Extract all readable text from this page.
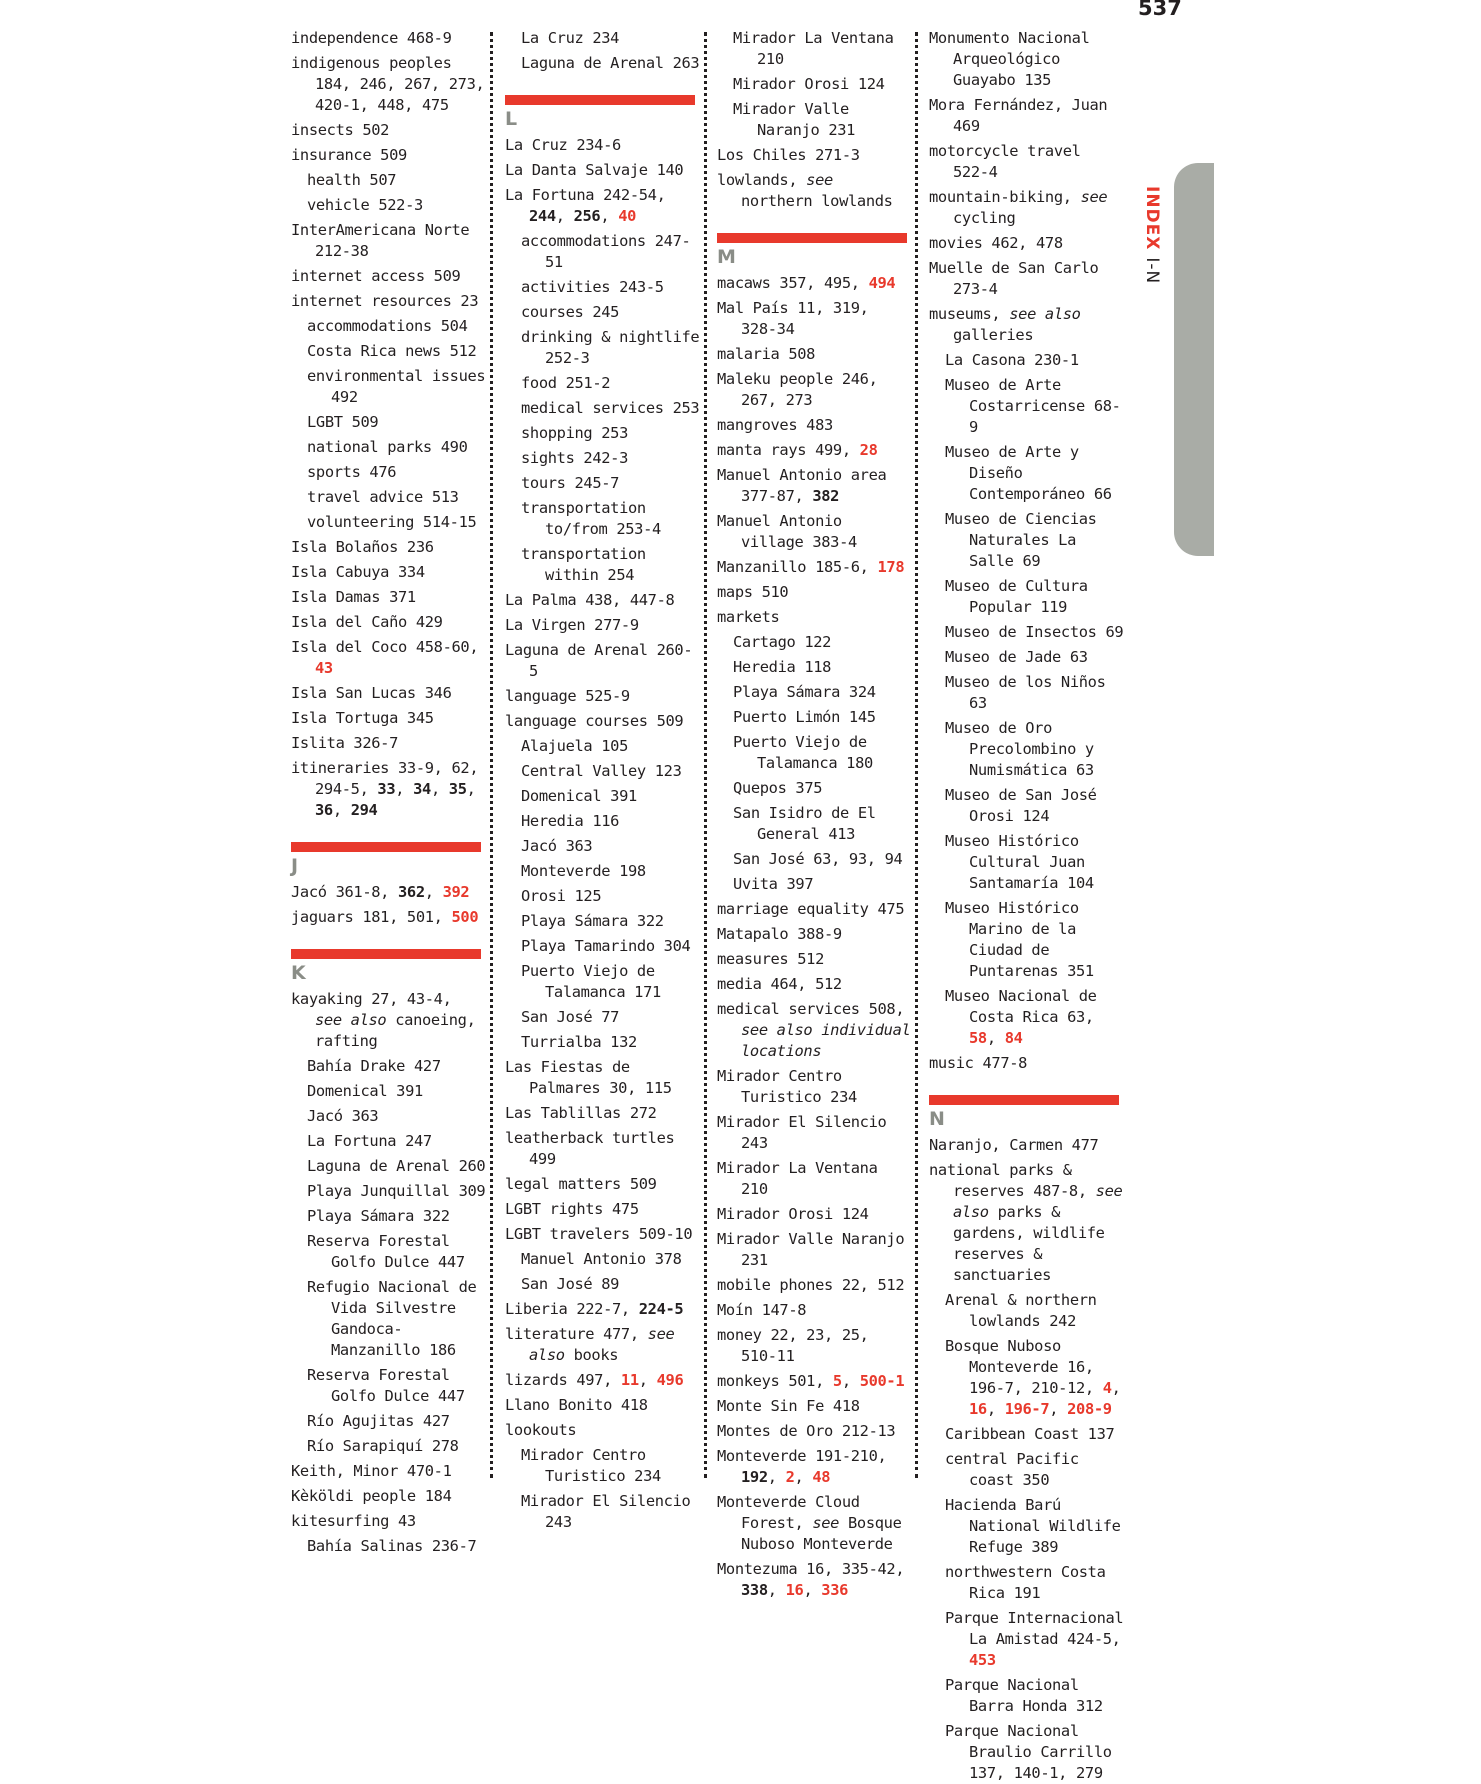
537
INDEX I-N
independence 468-9
indigenous peoples 184, 246, 267, 273, 420-1, 448, 475
insects 502
insurance 509
health 507
vehicle 522-3
InterAmericana Norte 212-38
internet access 509
internet resources 23
accommodations 504
Costa Rica news 512
environmental issues 492
LGBT 509
national parks 490
sports 476
travel advice 513
volunteering 514-15
Isla Bolaños 236
Isla Cabuya 334
Isla Damas 371
Isla del Caño 429
Isla del Coco 458-60, 43
Isla San Lucas 346
Isla Tortuga 345
Islita 326-7
itineraries 33-9, 62, 294-5, 33, 34, 35, 36, 294
J
Jacó 361-8, 362, 392
jaguars 181, 501, 500
K
kayaking 27, 43-4, see also canoeing, rafting
Bahía Drake 427
Domenical 391
Jacó 363
La Fortuna 247
Laguna de Arenal 260
Playa Junquillal 309
Playa Sámara 322
Reserva Forestal Golfo Dulce 447
Refugio Nacional de Vida Silvestre Gandoca-Manzanillo 186
Reserva Forestal Golfo Dulce 447
Río Agujitas 427
Río Sarapiquí 278
Keith, Minor 470-1
Kèköldi people 184
kitesurfing 43
Bahía Salinas 236-7
La Cruz 234
Laguna de Arenal 263
L
La Cruz 234-6
La Danta Salvaje 140
La Fortuna 242-54, 244, 256, 40
accommodations 247-51
activities 243-5
courses 245
drinking & nightlife 252-3
food 251-2
medical services 253
shopping 253
sights 242-3
tours 245-7
transportation to/from 253-4
transportation within 254
La Palma 438, 447-8
La Virgen 277-9
Laguna de Arenal 260-5
language 525-9
language courses 509
Alajuela 105
Central Valley 123
Domenical 391
Heredia 116
Jacó 363
Monteverde 198
Orosi 125
Playa Sámara 322
Playa Tamarindo 304
Puerto Viejo de Talamanca 171
San José 77
Turrialba 132
Las Fiestas de Palmares 30, 115
Las Tablillas 272
leatherback turtles 499
legal matters 509
LGBT rights 475
LGBT travelers 509-10
Manuel Antonio 378
San José 89
Liberia 222-7, 224-5
literature 477, see also books
lizards 497, 11, 496
Llano Bonito 418
lookouts
Mirador Centro Turistico 234
Mirador El Silencio 243
Mirador La Ventana 210
Mirador Orosi 124
Mirador Valle Naranjo 231
Los Chiles 271-3
lowlands, see northern lowlands
M
macaws 357, 495, 494
Mal País 11, 319, 328-34
malaria 508
Maleku people 246, 267, 273
mangroves 483
manta rays 499, 28
Manuel Antonio area 377-87, 382
Manuel Antonio village 383-4
Manzanillo 185-6, 178
maps 510
markets
Cartago 122
Heredia 118
Playa Sámara 324
Puerto Limón 145
Puerto Viejo de Talamanca 180
Quepos 375
San Isidro de El General 413
San José 63, 93, 94
Uvita 397
marriage equality 475
Matapalo 388-9
measures 512
media 464, 512
medical services 508, see also individual locations
Mirador Centro Turistico 234
Mirador El Silencio 243
Mirador La Ventana 210
Mirador Orosi 124
Mirador Valle Naranjo 231
mobile phones 22, 512
Moín 147-8
money 22, 23, 25, 510-11
monkeys 501, 5, 500-1
Monte Sin Fe 418
Montes de Oro 212-13
Monteverde 191-210, 192, 2, 48
Monteverde Cloud Forest, see Bosque Nuboso Monteverde
Montezuma 16, 335-42, 338, 16, 336
Monumento Nacional Arqueológico Guayabo 135
Mora Fernández, Juan 469
motorcycle travel 522-4
mountain-biking, see cycling
movies 462, 478
Muelle de San Carlo 273-4
museums, see also galleries
La Casona 230-1
Museo de Arte Costarricense 68-9
Museo de Arte y Diseño Contemporáneo 66
Museo de Ciencias Naturales La Salle 69
Museo de Cultura Popular 119
Museo de Insectos 69
Museo de Jade 63
Museo de los Niños 63
Museo de Oro Precolombino y Numismática 63
Museo de San José Orosi 124
Museo Histórico Cultural Juan Santamaría 104
Museo Histórico Marino de la Ciudad de Puntarenas 351
Museo Nacional de Costa Rica 63, 58, 84
music 477-8
N
Naranjo, Carmen 477
national parks & reserves 487-8, see also parks & gardens, wildlife reserves & sanctuaries
Arenal & northern lowlands 242
Bosque Nuboso Monteverde 16, 196-7, 210-12, 4, 16, 196-7, 208-9
Caribbean Coast 137
central Pacific coast 350
Hacienda Barú National Wildlife Refuge 389
northwestern Costa Rica 191
Parque Internacional La Amistad 424-5, 453
Parque Nacional Barra Honda 312
Parque Nacional Braulio Carrillo 137, 140-1, 279
